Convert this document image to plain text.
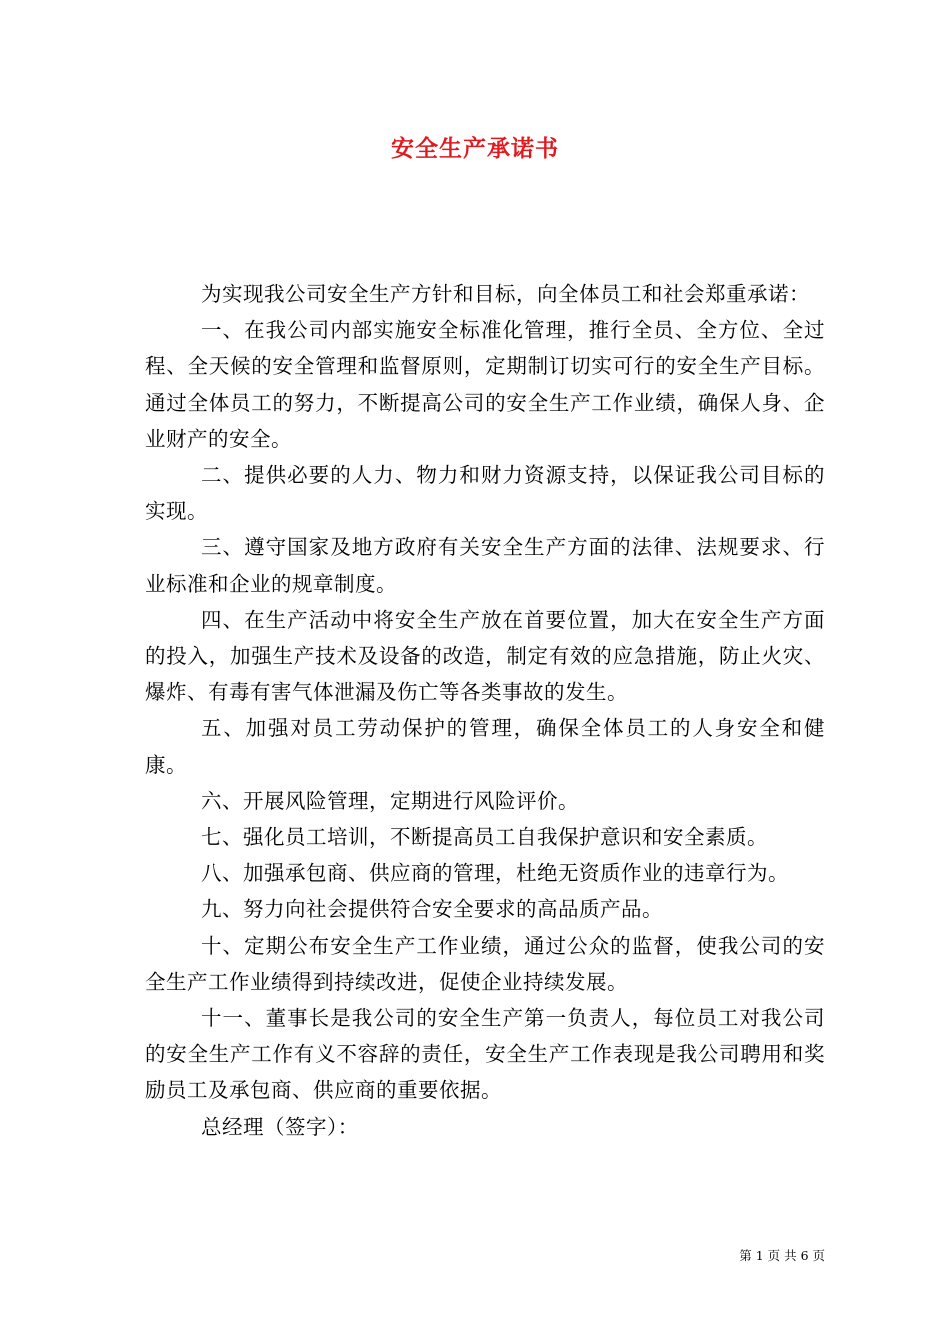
安全生产承诺书

为实现我公司安全生产方针和目标，向全体员工和社会郑重承诺：

一、在我公司内部实施安全标准化管理，推行全员、全方位、全过程、全天候的安全管理和监督原则，定期制订切实可行的安全生产目标。通过全体员工的努力，不断提高公司的安全生产工作业绩，确保人身、企业财产的安全。

二、提供必要的人力、物力和财力资源支持，以保证我公司目标的实现。

三、遵守国家及地方政府有关安全生产方面的法律、法规要求、行业标准和企业的规章制度。

四、在生产活动中将安全生产放在首要位置，加大在安全生产方面的投入，加强生产技术及设备的改造，制定有效的应急措施，防止火灾、爆炸、有毒有害气体泄漏及伤亡等各类事故的发生。

五、加强对员工劳动保护的管理，确保全体员工的人身安全和健康。

六、开展风险管理，定期进行风险评价。

七、强化员工培训，不断提高员工自我保护意识和安全素质。

八、加强承包商、供应商的管理，杜绝无资质作业的违章行为。

九、努力向社会提供符合安全要求的高品质产品。

十、定期公布安全生产工作业绩，通过公众的监督，使我公司的安全生产工作业绩得到持续改进，促使企业持续发展。

十一、董事长是我公司的安全生产第一负责人，每位员工对我公司的安全生产工作有义不容辞的责任，安全生产工作表现是我公司聘用和奖励员工及承包商、供应商的重要依据。

总经理（签字）：

第 1 页 共 6 页
